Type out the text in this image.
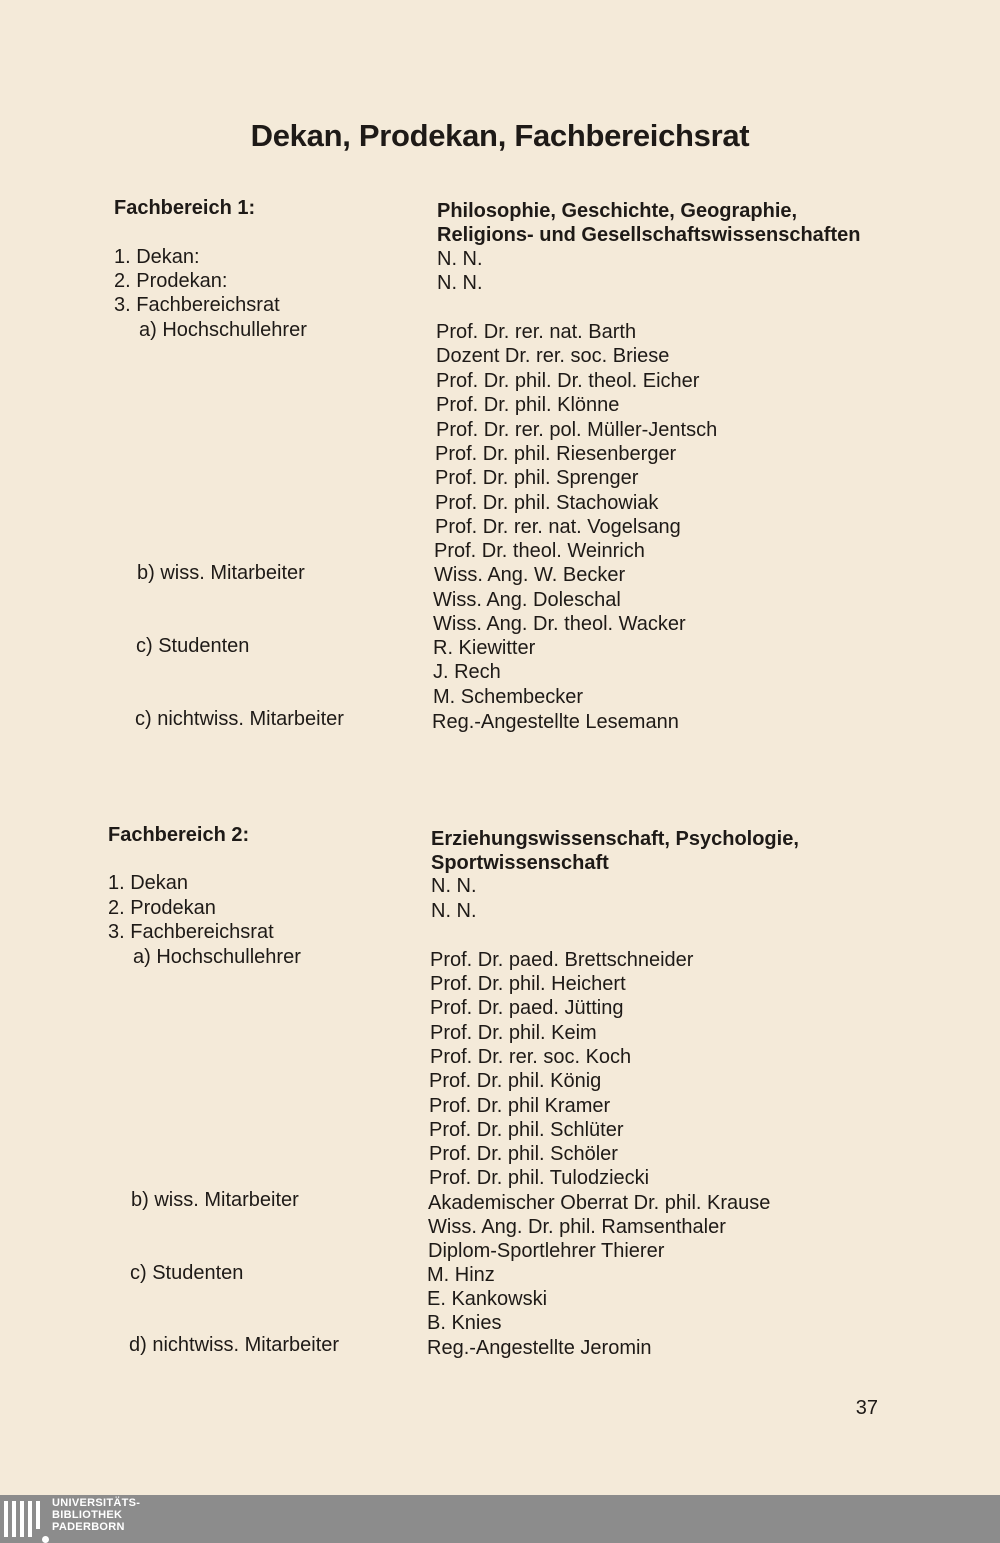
Dekan, Prodekan, Fachbereichsrat
Fachbereich 1:	Philosophie, Geschichte, Geographie,
Religions- und Gesellschaftswissenschaften
1. Dekan:	N. N.
2. Prodekan:	N. N.
3. Fachbereichsrat
a) Hochschullehrer	Prof. Dr. rer. nat. Barth
Dozent Dr. rer. soc. Briese
Prof. Dr. phil. Dr. theol. Eicher
Prof. Dr. phil. Klönne
Prof. Dr. rer. pol. Müller-Jentsch
Prof. Dr. phil. Riesenberger
Prof. Dr. phil. Sprenger
Prof. Dr. phil. Stachowiak
Prof. Dr. rer. nat. Vogelsang
Prof. Dr. theol. Weinrich
b) wiss. Mitarbeiter	Wiss. Ang. W. Becker
Wiss. Ang. Doleschal
Wiss. Ang. Dr. theol. Wacker
c) Studenten	R. Kiewitter
J. Rech
M. Schembecker
c) nichtwiss. Mitarbeiter	Reg.-Angestellte Lesemann
Fachbereich 2:	Erziehungswissenschaft, Psychologie,
Sportwissenschaft
1. Dekan	N. N.
2. Prodekan	N. N.
3. Fachbereichsrat
a) Hochschullehrer	Prof. Dr. paed. Brettschneider
Prof. Dr. phil. Heichert
Prof. Dr. paed. Jütting
Prof. Dr. phil. Keim
Prof. Dr. rer. soc. Koch
Prof. Dr. phil. König
Prof. Dr. phil Kramer
Prof. Dr. phil. Schlüter
Prof. Dr. phil. Schöler
Prof. Dr. phil. Tulodziecki
b) wiss. Mitarbeiter	Akademischer Oberrat Dr. phil. Krause
Wiss. Ang. Dr. phil. Ramsenthaler
Diplom-Sportlehrer Thierer
c) Studenten	M. Hinz
E. Kankowski
B. Knies
d) nichtwiss. Mitarbeiter	Reg.-Angestellte Jeromin
37
UNIVERSITÄTS-
BIBLIOTHEK
PADERBORN
